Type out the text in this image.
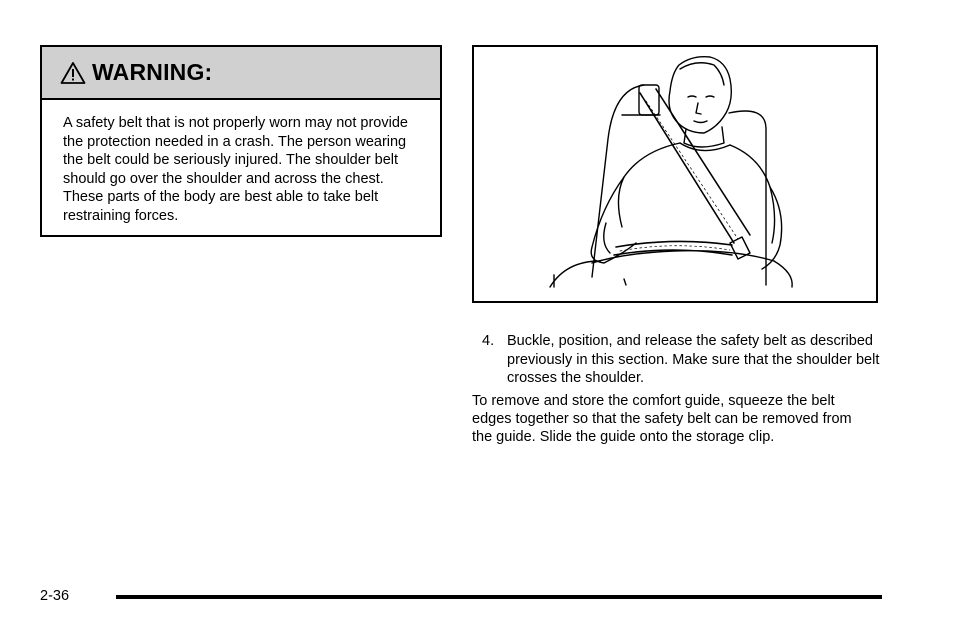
WARNING:
A safety belt that is not properly worn may not provide the protection needed in a crash. The person wearing the belt could be seriously injured. The shoulder belt should go over the shoulder and across the chest. These parts of the body are best able to take belt restraining forces.
4. Buckle, position, and release the safety belt as described previously in this section. Make sure that the shoulder belt crosses the shoulder.
To remove and store the comfort guide, squeeze the belt edges together so that the safety belt can be removed from the guide. Slide the guide onto the storage clip.
2-36
